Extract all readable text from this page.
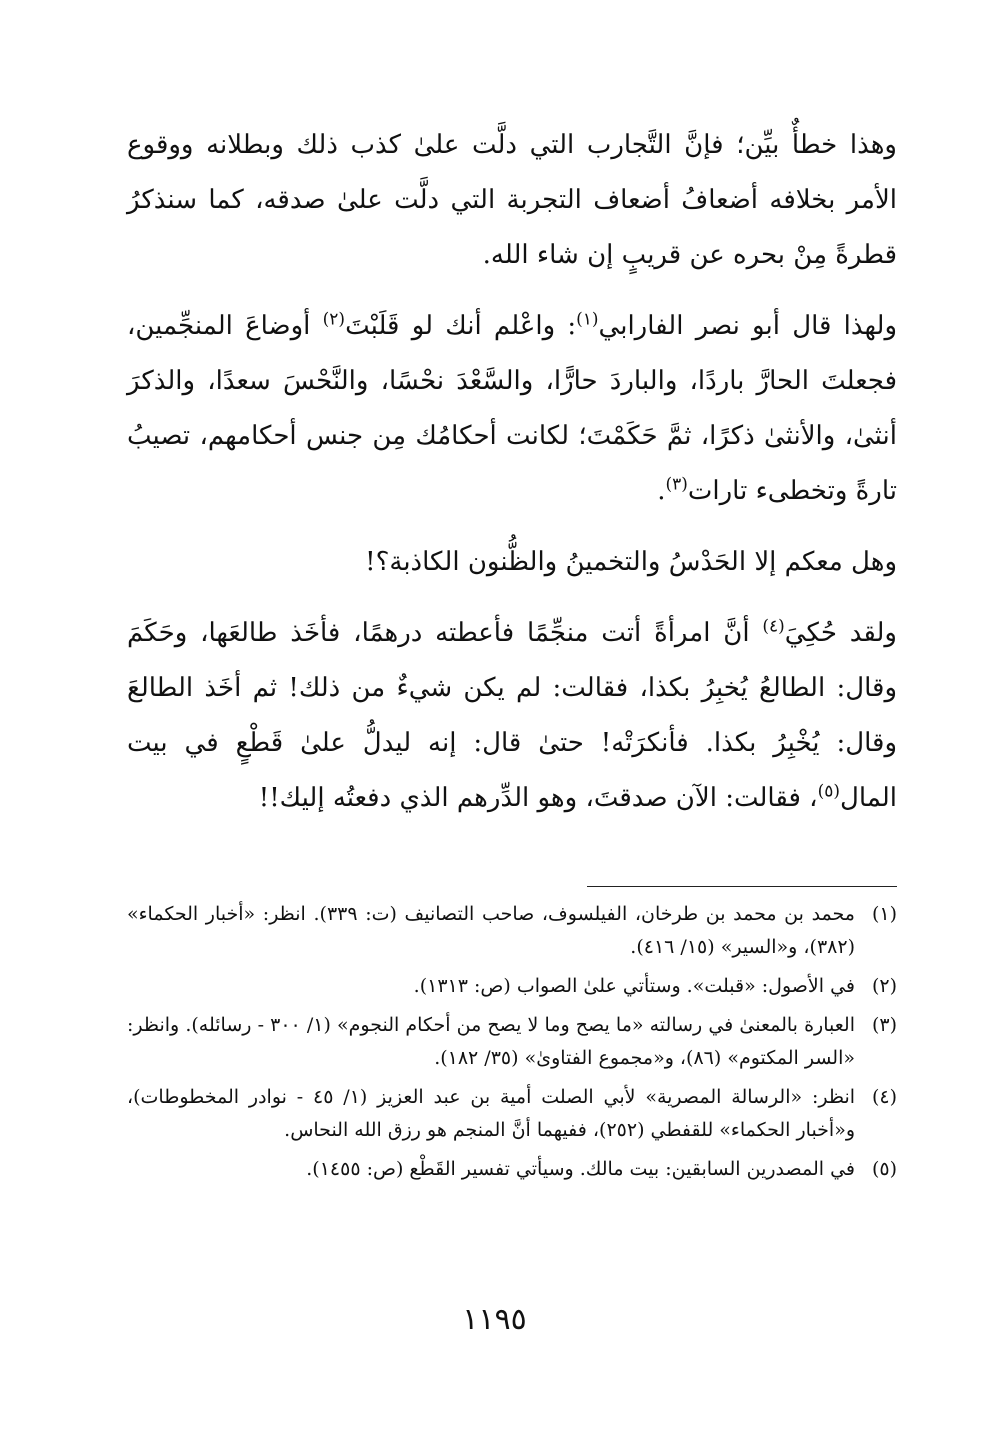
وهذا خطأٌ بيِّن؛ فإنَّ التَّجارب التي دلَّت علىٰ كذب ذلك وبطلانه ووقوع الأمر بخلافه أضعافُ أضعاف التجربة التي دلَّت علىٰ صدقه، كما سنذكرُ قطرةً مِنْ بحره عن قريبٍ إن شاء الله.

ولهذا قال أبو نصر الفارابي$^{(١)}$: واعْلم أنك لو قَلَبْتَ$^{(٢)}$ أوضاعَ المنجِّمين، فجعلتَ الحارَّ باردًا، والباردَ حارًّا، والسَّعْدَ نحْسًا، والنَّحْسَ سعدًا، والذكرَ أنثىٰ، والأنثىٰ ذكرًا، ثمَّ حَكَمْتَ؛ لكانت أحكامُك مِن جنس أحكامهم، تصيبُ تارةً وتخطىء تارات$^{(٣)}$.

وهل معكم إلا الحَدْسُ والتخمينُ والظُّنون الكاذبة؟!

ولقد حُكِيَ$^{(٤)}$ أنَّ امرأةً أتت منجِّمًا فأعطته درهمًا، فأخَذ طالعَها، وحَكَمَ وقال: الطالعُ يُخبِرُ بكذا، فقالت: لم يكن شيءٌ من ذلك! ثم أخَذ الطالعَ وقال: يُخْبِرُ بكذا. فأنكرَتْه! حتىٰ قال: إنه ليدلُّ علىٰ قَطْعٍ في بيت المال$^{(٥)}$، فقالت: الآن صدقتَ، وهو الدِّرهم الذي دفعتُه إليك!!

(١)
محمد بن محمد بن طرخان، الفيلسوف، صاحب التصانيف (ت: ٣٣٩). انظر: «أخبار الحكماء» (٣٨٢)، و«السير» (١٥/ ٤١٦).
(٢)
في الأصول: «قبلت». وستأتي علىٰ الصواب (ص: ١٣١٣).
(٣)
العبارة بالمعنىٰ في رسالته «ما يصح وما لا يصح من أحكام النجوم» (١/ ٣٠٠ - رسائله). وانظر: «السر المكتوم» (٨٦)، و«مجموع الفتاوىٰ» (٣٥/ ١٨٢).
(٤)
انظر: «الرسالة المصرية» لأبي الصلت أمية بن عبد العزيز (١/ ٤٥ - نوادر المخطوطات)، و«أخبار الحكماء» للقفطي (٢٥٢)، ففيهما أنَّ المنجم هو رزق الله النحاس.
(٥)
في المصدرين السابقين: بيت مالك. وسيأتي تفسير القَطْع (ص: ١٤٥٥).
١١٩٥
